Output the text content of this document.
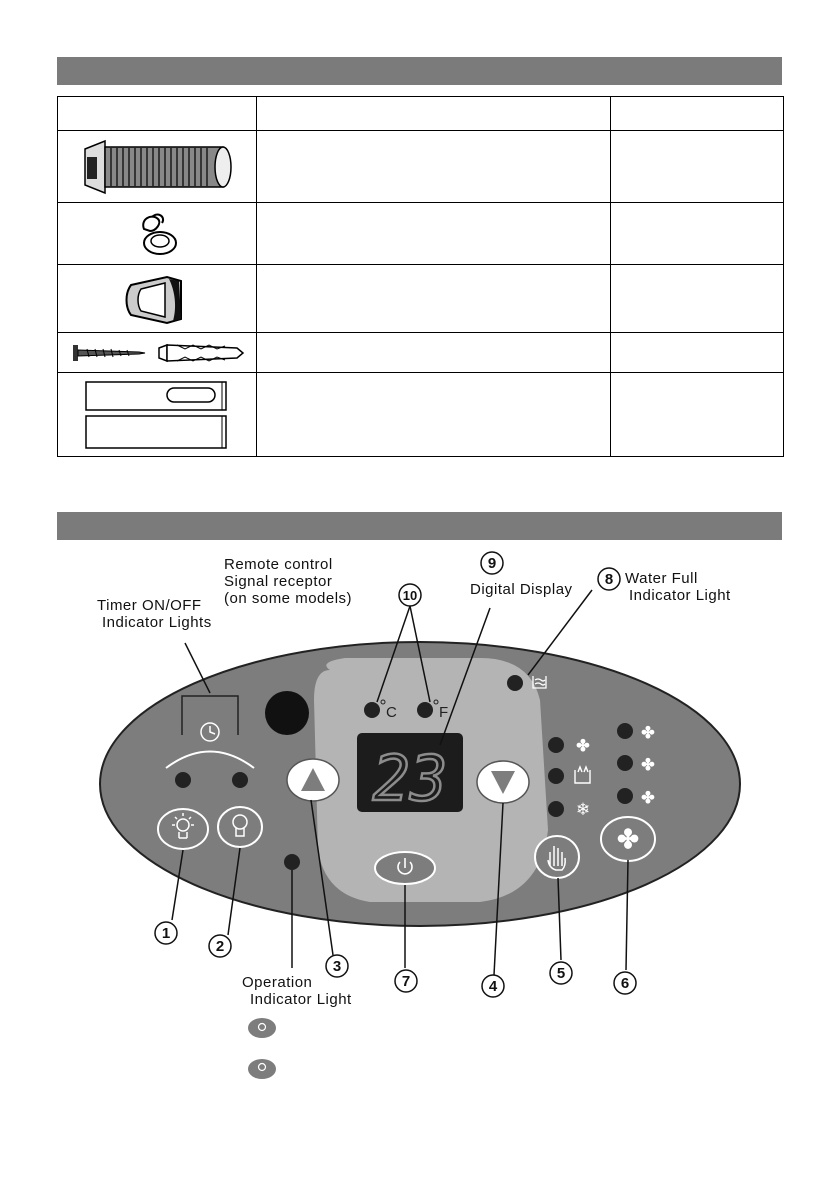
C	F
23	✤
❄
✤
✤
✤
✤
1
2
3
4
5
6
7
8
9
10
Remote control
Signal receptor
(on some models)
Timer ON/OFF
Indicator Lights
Digital Display
Water Full
Indicator Light
Operation
Indicator Light
